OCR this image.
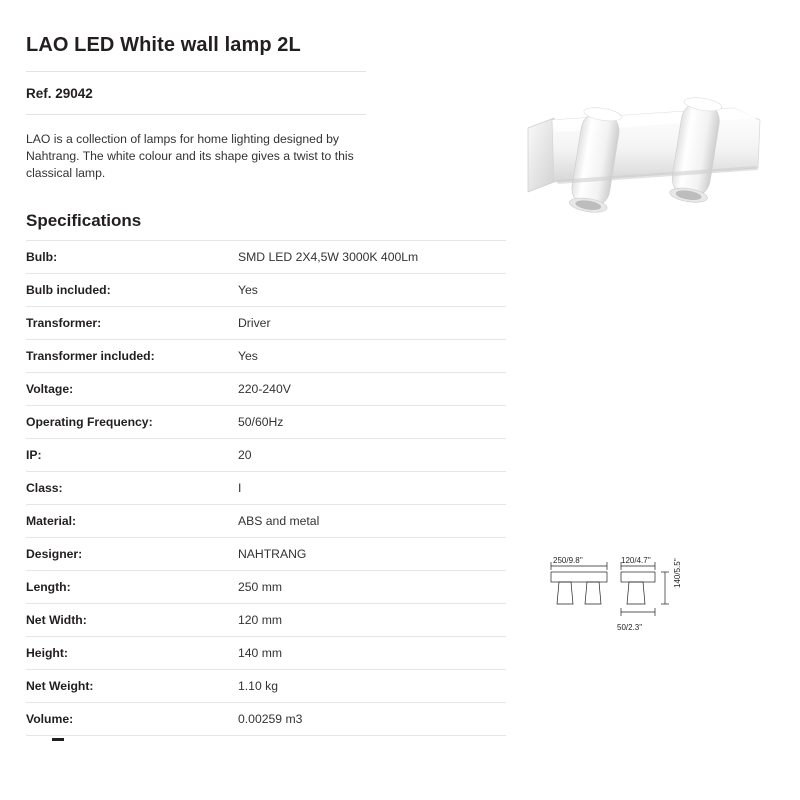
LAO LED White wall lamp 2L
Ref. 29042

LAO is a collection of lamps for home lighting designed by Nahtrang. The white colour and its shape gives a twist to this classical lamp.

Specifications
Bulb:	SMD LED 2X4,5W 3000K 400Lm
Bulb included:	Yes
Transformer:	Driver
Transformer included:	Yes
Voltage:	220-240V
Operating Frequency:	50/60Hz
IP:	20
Class:	I
Material:	ABS and metal
Designer:	NAHTRANG
Length:	250 mm
Net Width:	120 mm
Height:	140 mm
Net Weight:	1.10 kg
Volume:	0.00259 m3
250/9.8''	120/4.7''	140/5.5''
50/2.3''
